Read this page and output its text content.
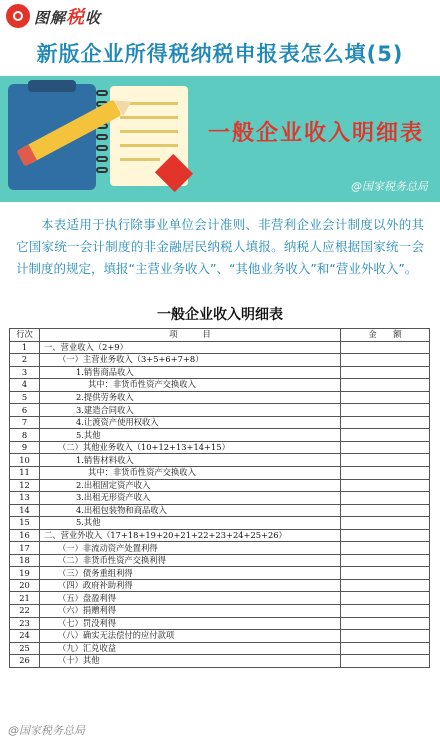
图解税收
新版企业所得税纳税申报表怎么填(5)
一般企业收入明细表
@国家税务总局
本表适用于执行除事业单位会计准则、非营利企业会计制度以外的其它国家统一会计制度的非金融居民纳税人填报。纳税人应根据国家统一会计制度的规定，填报“主营业务收入”、“其他业务收入”和“营业外收入”。
一般企业收入明细表
行次	项　　　目	金　　额
1	一、营业收入（2+9）	
2	（一）主营业务收入（3+5+6+7+8）	
3	1.销售商品收入	
4	其中：非货币性资产交换收入	
5	2.提供劳务收入	
6	3.建造合同收入	
7	4.让渡资产使用权收入	
8	5.其他	
9	（二）其他业务收入（10+12+13+14+15）	
10	1.销售材料收入	
11	其中：非货币性资产交换收入	
12	2.出租固定资产收入	
13	3.出租无形资产收入	
14	4.出租包装物和商品收入	
15	5.其他	
16	二、营业外收入（17+18+19+20+21+22+23+24+25+26）	
17	（一）非流动资产处置利得	
18	（二）非货币性资产交换利得	
19	（三）债务重组利得	
20	（四）政府补助利得	
21	（五）盘盈利得	
22	（六）捐赠利得	
23	（七）罚没利得	
24	（八）确实无法偿付的应付款项	
25	（九）汇兑收益	
26	（十）其他	
@国家税务总局
